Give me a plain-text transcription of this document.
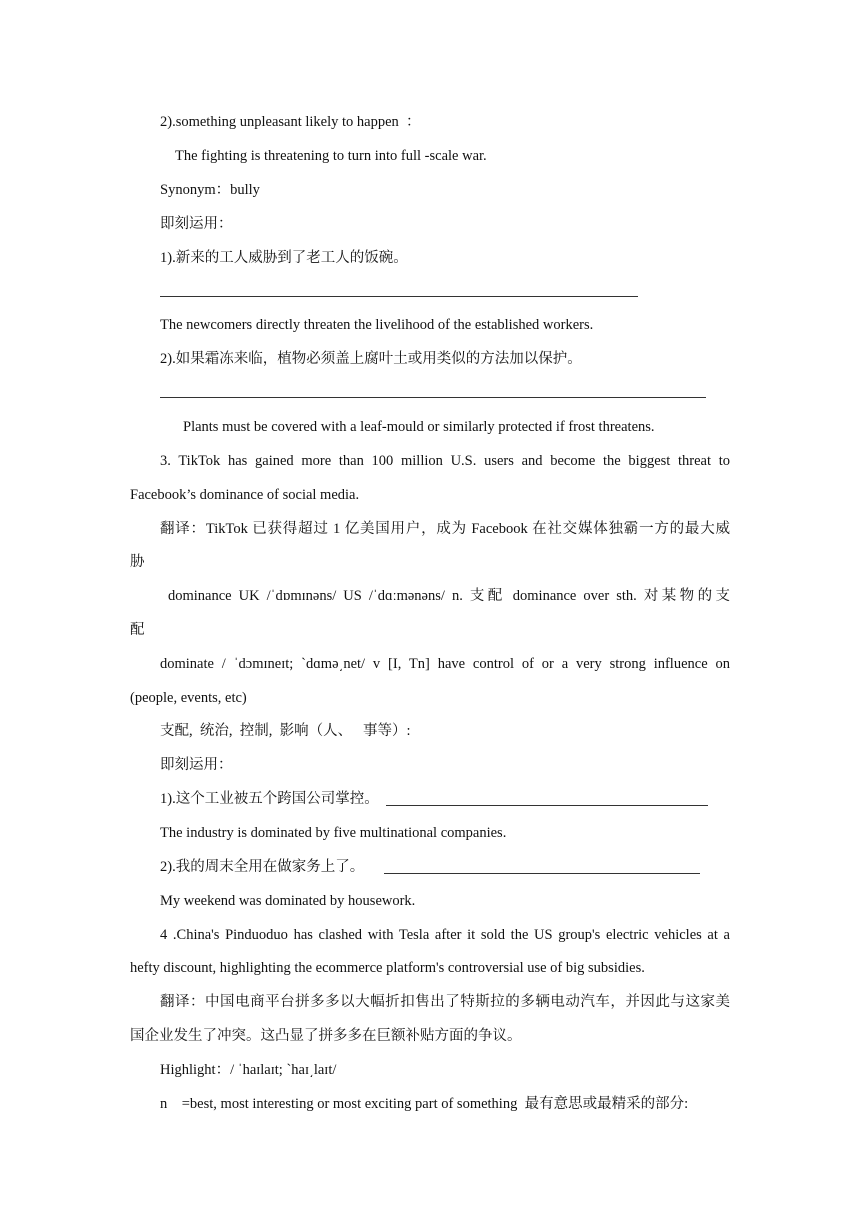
2).something unpleasant likely to happen  ：
The fighting is threatening to turn into full -scale war.
Synonym：bully
即刻运用：
1).新来的工人威胁到了老工人的饭碗。
The newcomers directly threaten the livelihood of the established workers.
2).如果霜冻来临，植物必须盖上腐叶土或用类似的方法加以保护。
Plants must be covered with a leaf-mould or similarly protected if frost threatens.
3. TikTok has gained more than 100 million U.S. users and become the biggest threat to
Facebook’s dominance of social media.
翻译：TikTok 已获得超过 1 亿美国用户，成为 Facebook 在社交媒体独霸一方的最大威
胁
dominance UK /ˈdɒmɪnəns/ US /ˈdɑːmənəns/ n. 支配 dominance over sth. 对某物的支
配
dominate / ˈdɔmɪneɪt; `dɑmə͵net/ v [I, Tn] have control of or a very strong influence on
(people, events, etc)
支配,  统治,  控制,  影响（人、   事等）:
即刻运用：
1).这个工业被五个跨国公司掌控。
The industry is dominated by five multinational companies.
2).我的周末全用在做家务上了。
My weekend was dominated by housework.
4 .China's Pinduoduo has clashed with Tesla after it sold the US group's electric vehicles at a
hefty discount, highlighting the ecommerce platform's controversial use of big subsidies.
翻译：中国电商平台拼多多以大幅折扣售出了特斯拉的多辆电动汽车，并因此与这家美
国企业发生了冲突。这凸显了拼多多在巨额补贴方面的争议。
Highlight：/ ˈhaɪlaɪt; `haɪ͵laɪt/
n    =best, most interesting or most exciting part of something  最有意思或最精采的部分:
